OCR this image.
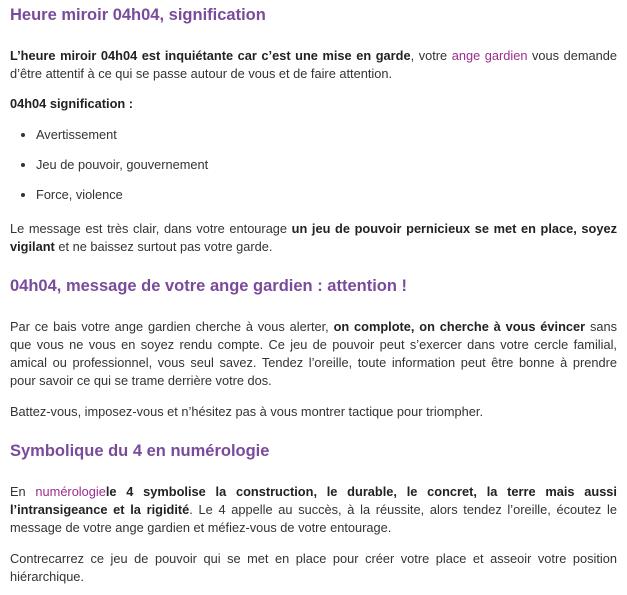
Heure miroir 04h04, signification

L’heure miroir 04h04 est inquiétante car c’est une mise en garde, votre ange gardien vous demande d’être attentif à ce qui se passe autour de vous et de faire attention.

04h04 signification :

• Avertissement
• Jeu de pouvoir, gouvernement
• Force, violence

Le message est très clair, dans votre entourage un jeu de pouvoir pernicieux se met en place, soyez vigilant et ne baissez surtout pas votre garde.

04h04, message de votre ange gardien : attention !

Par ce bais votre ange gardien cherche à vous alerter, on complote, on cherche à vous évincer sans que vous ne vous en soyez rendu compte. Ce jeu de pouvoir peut s’exercer dans votre cercle familial, amical ou professionnel, vous seul savez. Tendez l’oreille, toute information peut être bonne à prendre pour savoir ce qui se trame derrière votre dos.

Battez-vous, imposez-vous et n’hésitez pas à vous montrer tactique pour triompher.

Symbolique du 4 en numérologie

En numérologiele 4 symbolise la construction, le durable, le concret, la terre mais aussi l’intransigeance et la rigidité. Le 4 appelle au succès, à la réussite, alors tendez l’oreille, écoutez le message de votre ange gardien et méfiez-vous de votre entourage.

Contrecarrez ce jeu de pouvoir qui se met en place pour créer votre place et asseoir votre position hiérarchique.
